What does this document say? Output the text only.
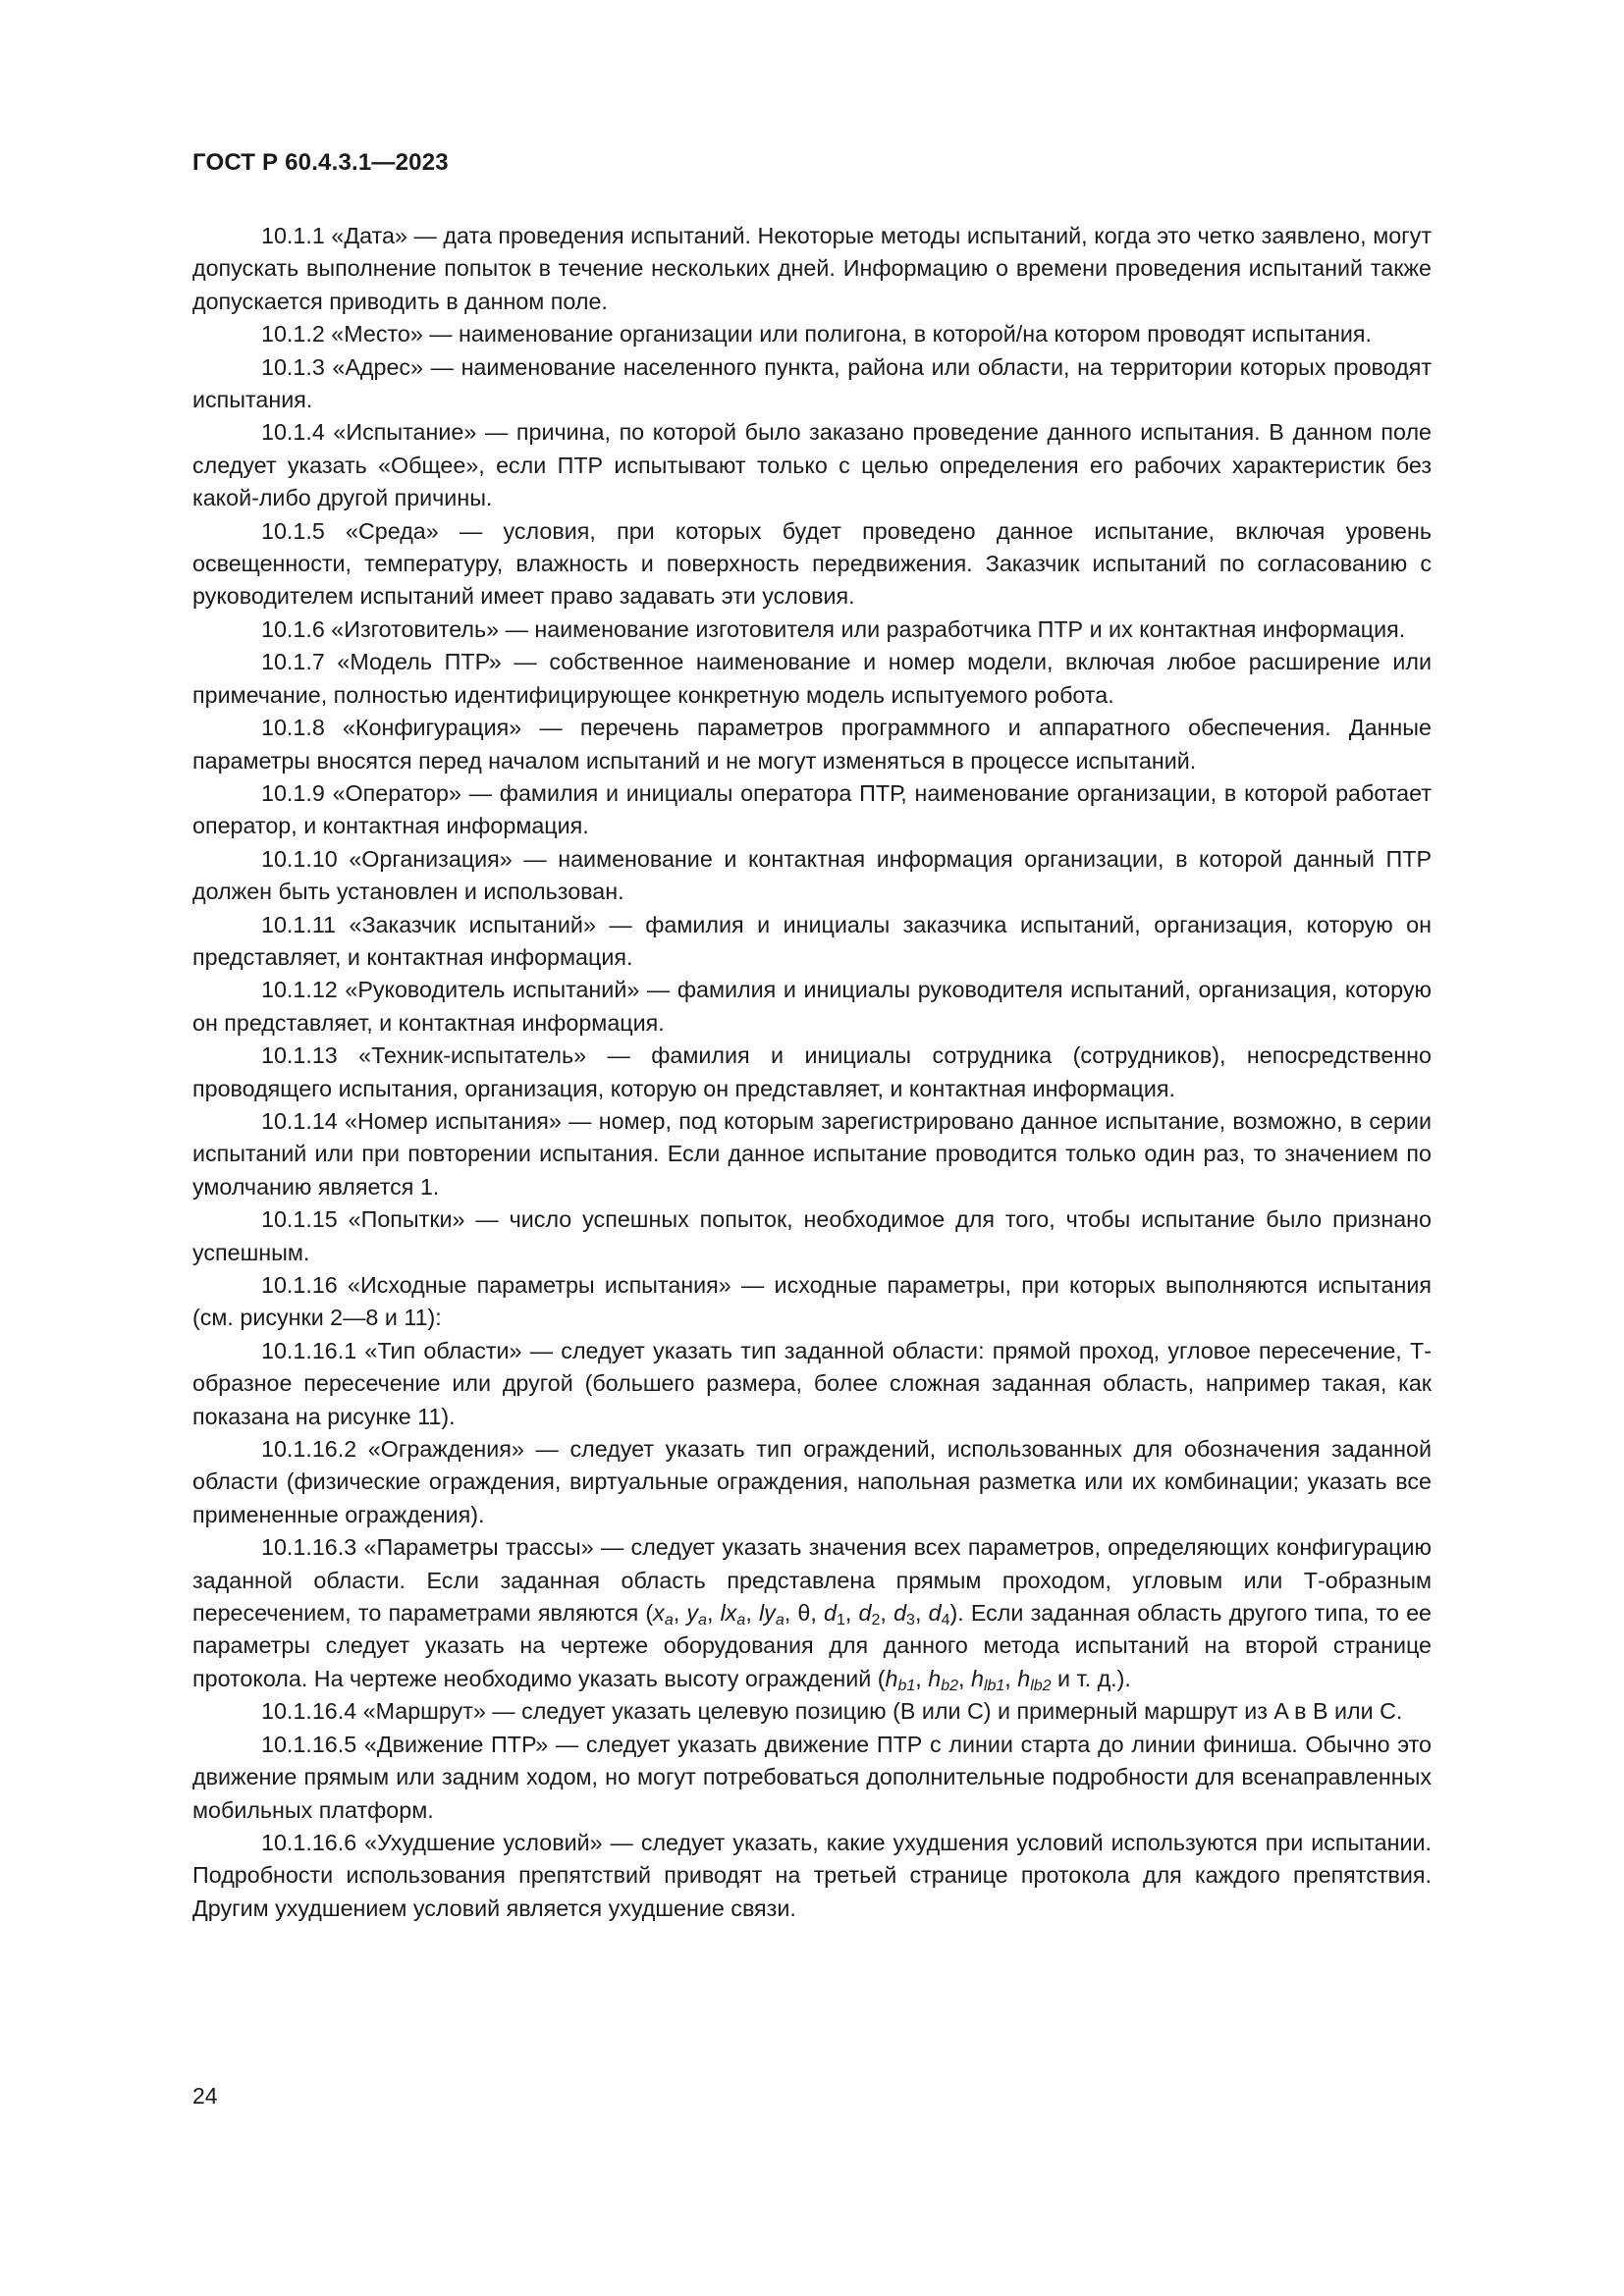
ГОСТ Р 60.4.3.1—2023

10.1.1 «Дата» — дата проведения испытаний. Некоторые методы испытаний, когда это четко заявлено, могут допускать выполнение попыток в течение нескольких дней. Информацию о времени проведения испытаний также допускается приводить в данном поле.

10.1.2 «Место» — наименование организации или полигона, в которой/на котором проводят испытания.

10.1.3 «Адрес» — наименование населенного пункта, района или области, на территории которых проводят испытания.

10.1.4 «Испытание» — причина, по которой было заказано проведение данного испытания. В данном поле следует указать «Общее», если ПТР испытывают только с целью определения его рабочих характеристик без какой-либо другой причины.

10.1.5 «Среда» — условия, при которых будет проведено данное испытание, включая уровень освещенности, температуру, влажность и поверхность передвижения. Заказчик испытаний по согласованию с руководителем испытаний имеет право задавать эти условия.

10.1.6 «Изготовитель» — наименование изготовителя или разработчика ПТР и их контактная информация.

10.1.7 «Модель ПТР» — собственное наименование и номер модели, включая любое расширение или примечание, полностью идентифицирующее конкретную модель испытуемого робота.

10.1.8 «Конфигурация» — перечень параметров программного и аппаратного обеспечения. Данные параметры вносятся перед началом испытаний и не могут изменяться в процессе испытаний.

10.1.9 «Оператор» — фамилия и инициалы оператора ПТР, наименование организации, в которой работает оператор, и контактная информация.

10.1.10 «Организация» — наименование и контактная информация организации, в которой данный ПТР должен быть установлен и использован.

10.1.11 «Заказчик испытаний» — фамилия и инициалы заказчика испытаний, организация, которую он представляет, и контактная информация.

10.1.12 «Руководитель испытаний» — фамилия и инициалы руководителя испытаний, организация, которую он представляет, и контактная информация.

10.1.13 «Техник-испытатель» — фамилия и инициалы сотрудника (сотрудников), непосредственно проводящего испытания, организация, которую он представляет, и контактная информация.

10.1.14 «Номер испытания» — номер, под которым зарегистрировано данное испытание, возможно, в серии испытаний или при повторении испытания. Если данное испытание проводится только один раз, то значением по умолчанию является 1.

10.1.15 «Попытки» — число успешных попыток, необходимое для того, чтобы испытание было признано успешным.

10.1.16 «Исходные параметры испытания» — исходные параметры, при которых выполняются испытания (см. рисунки 2—8 и 11):

10.1.16.1 «Тип области» — следует указать тип заданной области: прямой проход, угловое пересечение, Т-образное пересечение или другой (большего размера, более сложная заданная область, например такая, как показана на рисунке 11).

10.1.16.2 «Ограждения» — следует указать тип ограждений, использованных для обозначения заданной области (физические ограждения, виртуальные ограждения, напольная разметка или их комбинации; указать все примененные ограждения).

10.1.16.3 «Параметры трассы» — следует указать значения всех параметров, определяющих конфигурацию заданной области. Если заданная область представлена прямым проходом, угловым или Т-образным пересечением, то параметрами являются ($x_a$, $y_a$, $lx_a$, $ly_a$, θ, $d_1$, $d_2$, $d_3$, $d_4$). Если заданная область другого типа, то ее параметры следует указать на чертеже оборудования для данного метода испытаний на второй странице протокола. На чертеже необходимо указать высоту ограждений ($h_{b1}$, $h_{b2}$, $h_{lb1}$, $h_{lb2}$ и т. д.).

10.1.16.4 «Маршрут» — следует указать целевую позицию (B или C) и примерный маршрут из A в B или C.

10.1.16.5 «Движение ПТР» — следует указать движение ПТР с линии старта до линии финиша. Обычно это движение прямым или задним ходом, но могут потребоваться дополнительные подробности для всенаправленных мобильных платформ.

10.1.16.6 «Ухудшение условий» — следует указать, какие ухудшения условий используются при испытании. Подробности использования препятствий приводят на третьей странице протокола для каждого препятствия. Другим ухудшением условий является ухудшение связи.

24
